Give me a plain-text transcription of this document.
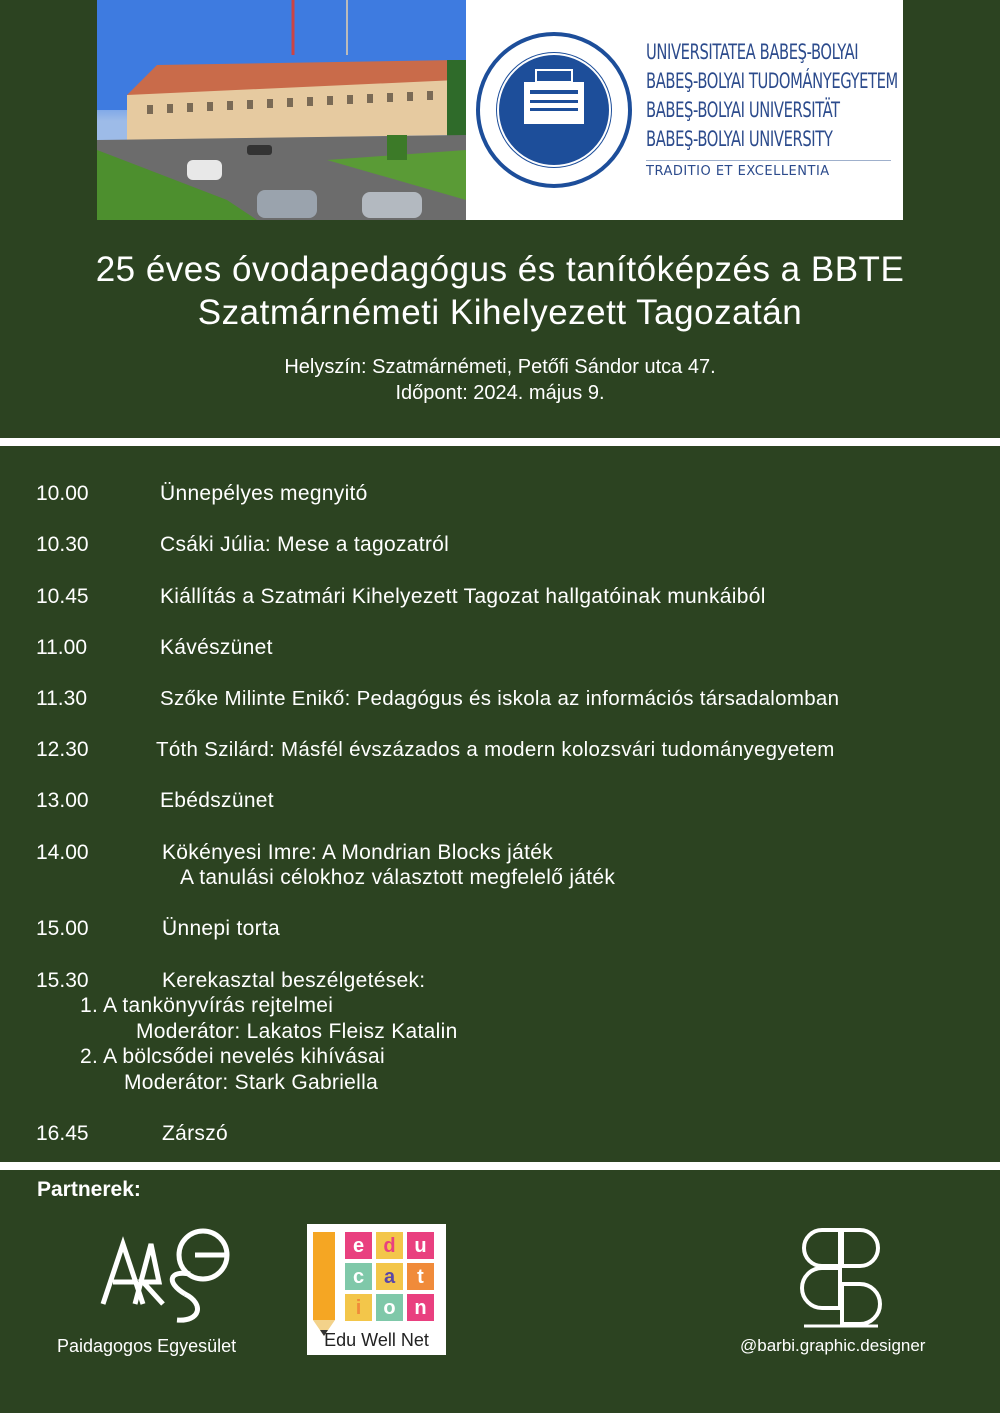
UNIVERSITATEA BABEŞ-BOLYAI
BABEŞ-BOLYAI TUDOMÁNYEGYETEM
BABEŞ-BOLYAI UNIVERSITÄT
BABEŞ-BOLYAI UNIVERSITY
TRADITIO ET EXCELLENTIA
25 éves óvodapedagógus és tanítóképzés a BBTE
Szatmárnémeti Kihelyezett Tagozatán
Helyszín: Szatmárnémeti, Petőfi Sándor utca 47.
Időpont: 2024. május 9.
10.00	Ünnepélyes megnyitó
10.30	Csáki Júlia: Mese a tagozatról
10.45	Kiállítás a Szatmári Kihelyezett Tagozat hallgatóinak munkáiból
11.00	Kávészünet
11.30	Szőke Milinte Enikő: Pedagógus és iskola az információs társadalomban
12.30	Tóth Szilárd: Másfél évszázados a modern kolozsvári tudományegyetem
13.00	Ebédszünet
14.00	Kökényesi Imre: A Mondrian Blocks játék
A tanulási célokhoz választott megfelelő játék
15.00	Ünnepi torta
15.30	Kerekasztal beszélgetések:
1. A tankönyvírás rejtelmei
Moderátor: Lakatos Fleisz Katalin
2. A bölcsődei nevelés kihívásai
Moderátor: Stark Gabriella
16.45	Zárszó
Partnerek:
Paidagogos Egyesület
e d u
c a t
i o n
Edu Well Net	@barbi.graphic.designer
